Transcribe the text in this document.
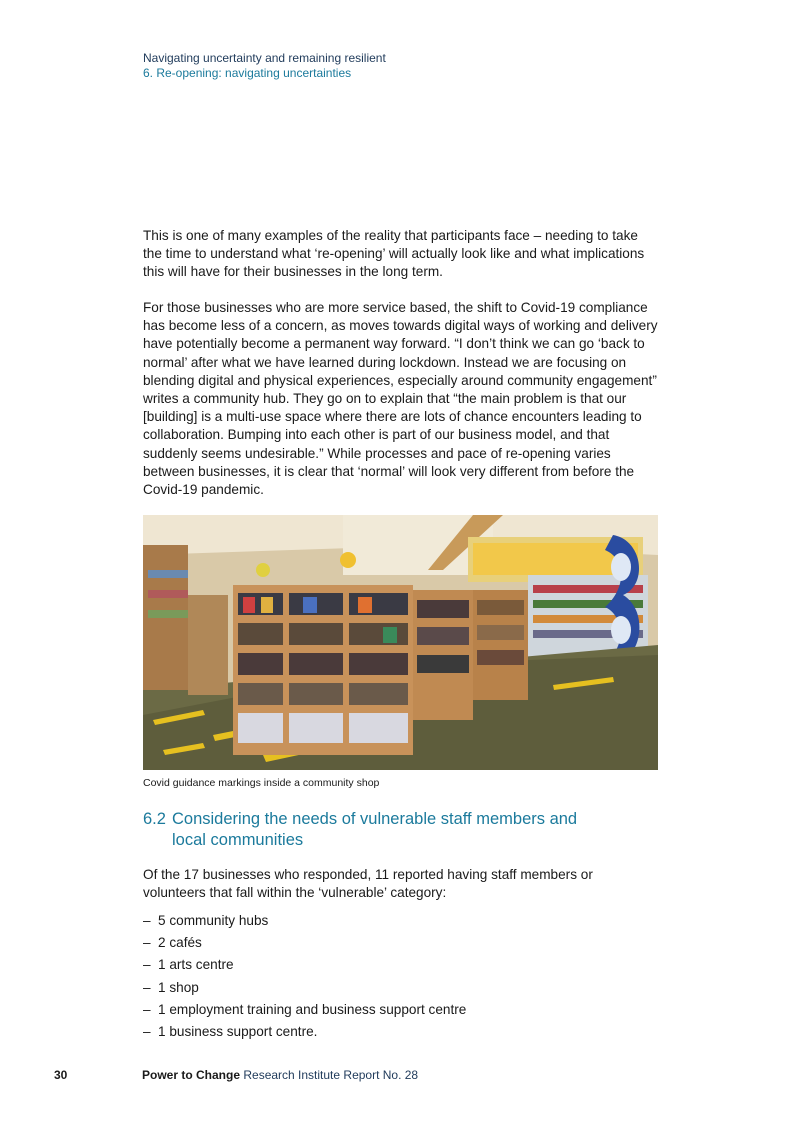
Navigating uncertainty and remaining resilient
6. Re-opening: navigating uncertainties

This is one of many examples of the reality that participants face – needing to take the time to understand what ‘re-opening’ will actually look like and what implications this will have for their businesses in the long term.

For those businesses who are more service based, the shift to Covid-19 compliance has become less of a concern, as moves towards digital ways of working and delivery have potentially become a permanent way forward. “I don’t think we can go ‘back to normal’ after what we have learned during lockdown. Instead we are focusing on blending digital and physical experiences, especially around community engagement” writes a community hub. They go on to explain that “the main problem is that our [building] is a multi-use space where there are lots of chance encounters leading to collaboration. Bumping into each other is part of our business model, and that suddenly seems undesirable.” While processes and pace of re-opening varies between businesses, it is clear that ‘normal’ will look very different from before the Covid-19 pandemic.

Covid guidance markings inside a community shop
6.2 Considering the needs of vulnerable staff members and
local communities

Of the 17 businesses who responded, 11 reported having staff members or volunteers that fall within the ‘vulnerable’ category:

– 5 community hubs
– 2 cafés
– 1 arts centre
– 1 shop
– 1 employment training and business support centre
– 1 business support centre.
30	Power to Change Research Institute Report No. 28
